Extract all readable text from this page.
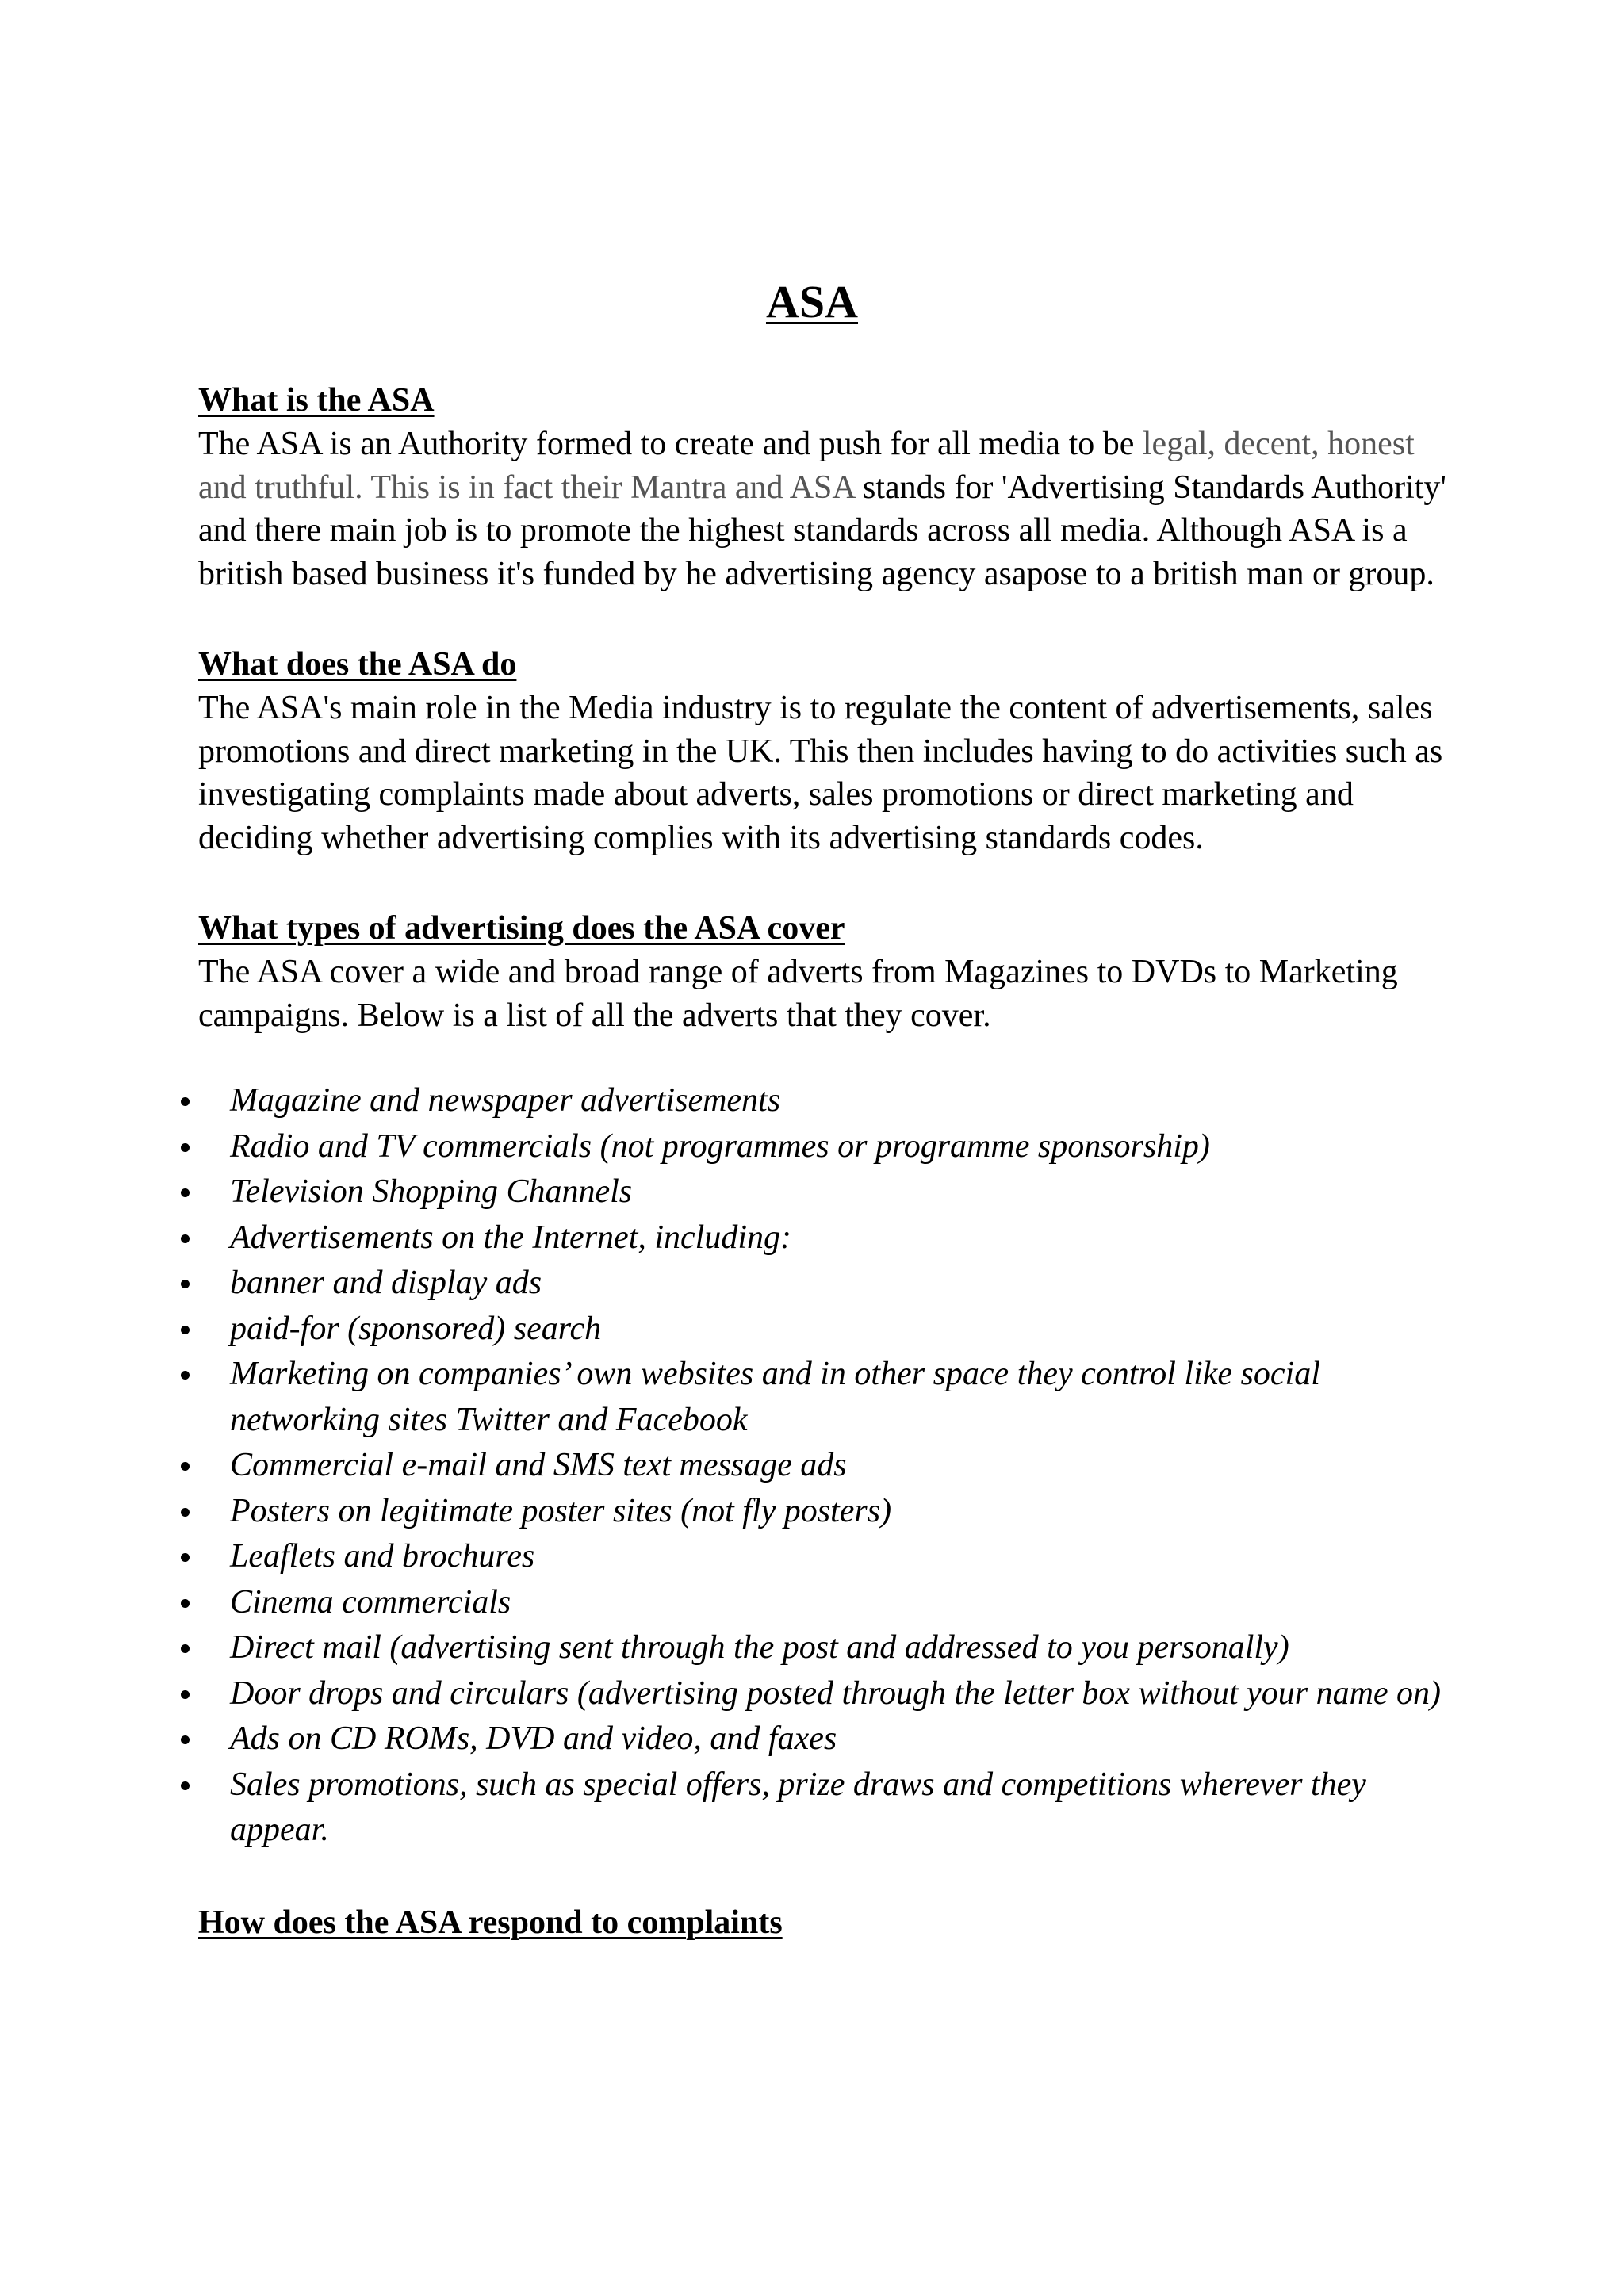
ASA
What is the ASA

The ASA is an Authority formed to create and push for all media to be legal, decent, honest and truthful. This is in fact their Mantra and ASA stands for 'Advertising Standards Authority' and there main job is to promote the highest standards across all media. Although ASA is a british based business it's funded by he advertising agency asapose to a british man or group.

What does the ASA do

The ASA's main role in the Media industry is to regulate the content of advertisements, sales promotions and direct marketing in the UK. This then includes having to do activities such as investigating complaints made about adverts, sales promotions or direct marketing and deciding whether advertising complies with its advertising standards codes.

What types of advertising does the ASA cover

The ASA cover a wide and broad range of adverts from Magazines to DVDs to Marketing campaigns. Below is a list of all the adverts that they cover.

Magazine and newspaper advertisements
Radio and TV commercials (not programmes or programme sponsorship)
Television Shopping Channels
Advertisements on the Internet, including:
banner and display ads
paid-for (sponsored) search
Marketing on companies’ own websites and in other space they control like social networking sites Twitter and Facebook
Commercial e-mail and SMS text message ads
Posters on legitimate poster sites (not fly posters)
Leaflets and brochures
Cinema commercials
Direct mail (advertising sent through the post and addressed to you personally)
Door drops and circulars (advertising posted through the letter box without your name on)
Ads on CD ROMs, DVD and video, and faxes
Sales promotions, such as special offers, prize draws and competitions wherever they appear.
How does the ASA respond to complaints
